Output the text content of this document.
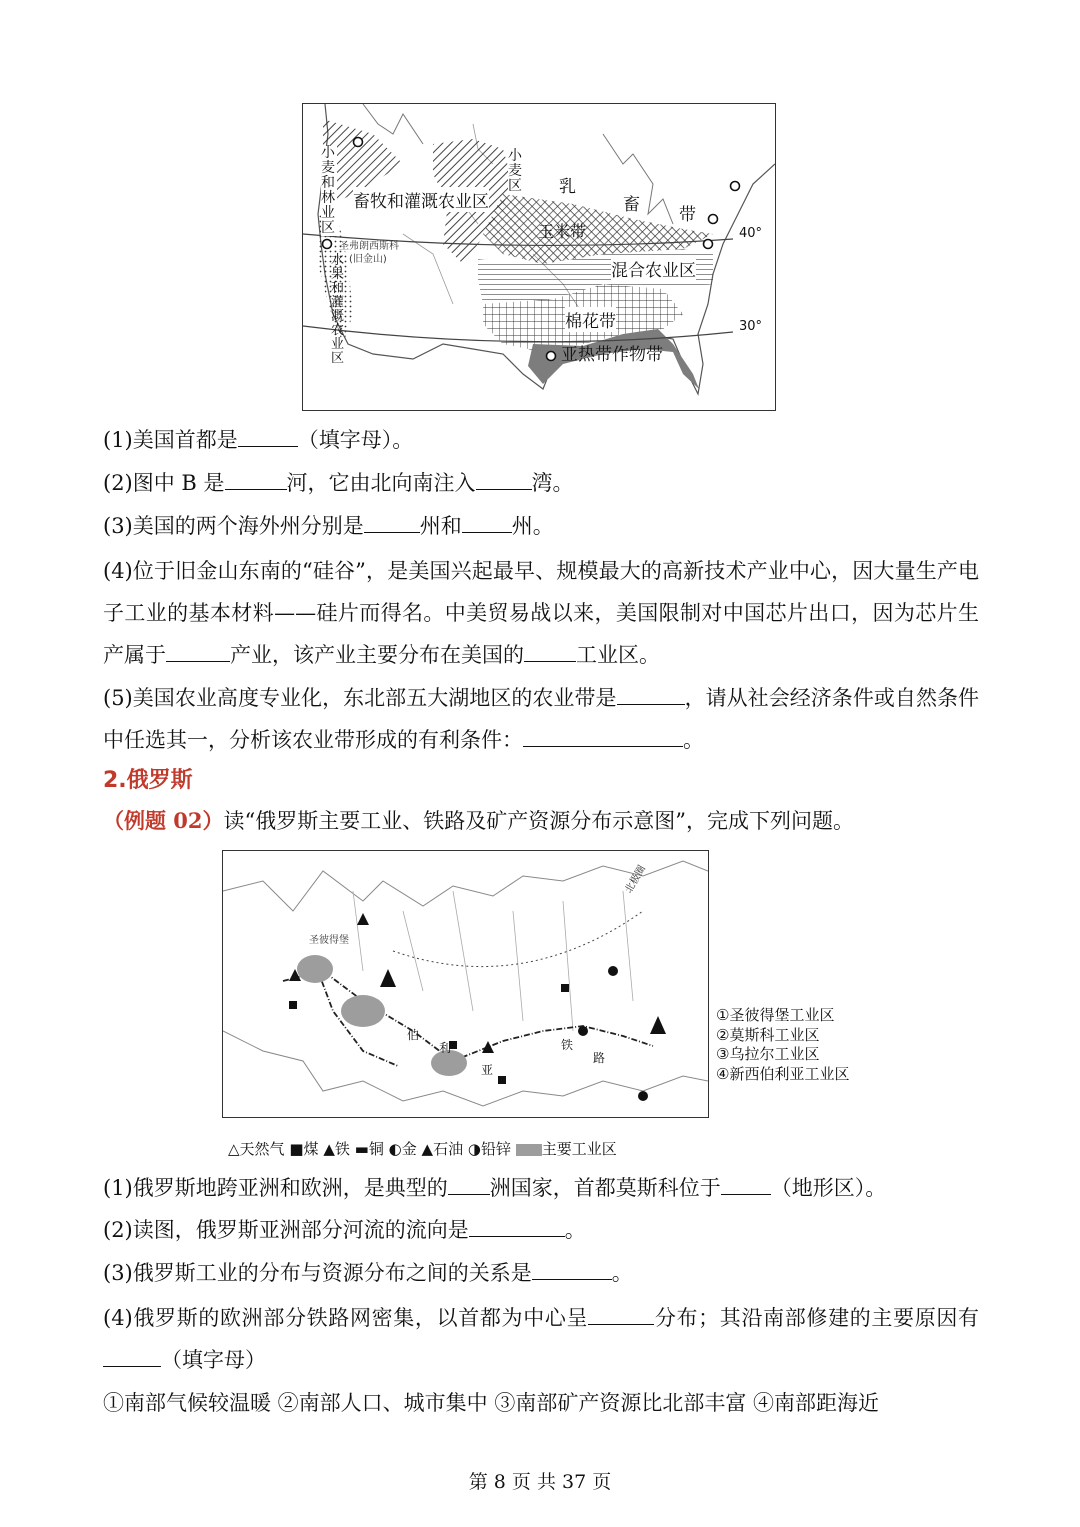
畜牧和灌溉农业区
玉米带
混合农业区
棉花带
亚热带作物带
小麦和林业区
小麦区
水果和灌溉农业区
乳
畜 带
圣弗朗西斯科
(旧金山)
40°
30°
(1)美国首都是	（填字母）。
(2)图中 B 是	河，它由北向南注入	湾。
(3)美国的两个海外州分别是	州和 州。
(4)位于旧金山东南的“硅谷”，是美国兴起最早、规模最大的高新技术产业中心，因大量生产电子工业的基本材料——硅片而得名。中美贸易战以来，美国限制对中国芯片出口，因为芯片生产属于	产业，该产业主要分布在美国的 工业区。
(5)美国农业高度专业化，东北部五大湖地区的农业带是	，请从社会经济条件或自然条件中任选其一，分析该农业带形成的有利条件：	。
2.俄罗斯
（例题 02）读“俄罗斯主要工业、铁路及矿产资源分布示意图”，完成下列问题。
北极圈
圣彼得堡
伯
利
亚
铁
路
①圣彼得堡工业区
②莫斯科工业区
③乌拉尔工业区
④新西伯利亚工业区
△天然气 ■煤 ▲铁 ▬铜 ◐金 ▲石油 ◑铅锌 主要工业区
(1)俄罗斯地跨亚洲和欧洲，是典型的 洲国家，首都莫斯科位于 （地形区）。
(2)读图，俄罗斯亚洲部分河流的流向是	。
(3)俄罗斯工业的分布与资源分布之间的关系是	。
(4)俄罗斯的欧洲部分铁路网密集，以首都为中心呈	分布；其沿南部修建的主要原因有（填字母）
①南部气候较温暖 ②南部人口、城市集中 ③南部矿产资源比北部丰富 ④南部距海近
第 8 页 共 37 页
